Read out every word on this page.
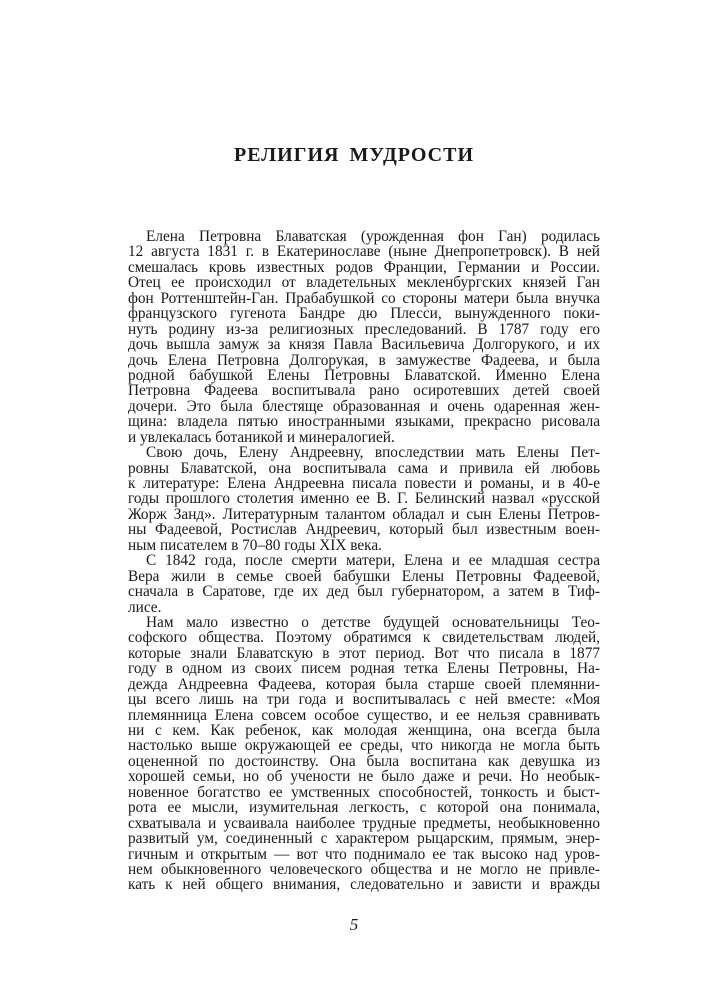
РЕЛИГИЯ МУДРОСТИ
Елена Петровна Блаватская (урожденная фон Ган) родилась
12 августа 1831 г. в Екатеринославе (ныне Днепропетровск). В ней
смешалась кровь известных родов Франции, Германии и России.
Отец ее происходил от владетельных мекленбургских князей Ган
фон Роттенштейн-Ган. Прабабушкой со стороны матери была внучка
французского гугенота Бандре дю Плесси, вынужденного поки-
нуть родину из-за религиозных преследований. В 1787 году его
дочь вышла замуж за князя Павла Васильевича Долгорукого, и их
дочь Елена Петровна Долгорукая, в замужестве Фадеева, и была
родной бабушкой Елены Петровны Блаватской. Именно Елена
Петровна Фадеева воспитывала рано осиротевших детей своей
дочери. Это была блестяще образованная и очень одаренная жен-
щина: владела пятью иностранными языками, прекрасно рисовала
и увлекалась ботаникой и минералогией.
Свою дочь, Елену Андреевну, впоследствии мать Елены Пет-
ровны Блаватской, она воспитывала сама и привила ей любовь
к литературе: Елена Андреевна писала повести и романы, и в 40-е
годы прошлого столетия именно ее В. Г. Белинский назвал «русской
Жорж Занд». Литературным талантом обладал и сын Елены Петров-
ны Фадеевой, Ростислав Андреевич, который был известным воен-
ным писателем в 70–80 годы XIX века.
С 1842 года, после смерти матери, Елена и ее младшая сестра
Вера жили в семье своей бабушки Елены Петровны Фадеевой,
сначала в Саратове, где их дед был губернатором, а затем в Тиф-
лисе.
Нам мало известно о детстве будущей основательницы Тео-
софского общества. Поэтому обратимся к свидетельствам людей,
которые знали Блаватскую в этот период. Вот что писала в 1877
году в одном из своих писем родная тетка Елены Петровны, На-
дежда Андреевна Фадеева, которая была старше своей племянни-
цы всего лишь на три года и воспитывалась с ней вместе: «Моя
племянница Елена совсем особое существо, и ее нельзя сравнивать
ни с кем. Как ребенок, как молодая женщина, она всегда была
настолько выше окружающей ее среды, что никогда не могла быть
оцененной по достоинству. Она была воспитана как девушка из
хорошей семьи, но об учености не было даже и речи. Но необык-
новенное богатство ее умственных способностей, тонкость и быст-
рота ее мысли, изумительная легкость, с которой она понимала,
схватывала и усваивала наиболее трудные предметы, необыкновенно
развитый ум, соединенный с характером рыцарским, прямым, энер-
гичным и открытым — вот что поднимало ее так высоко над уров-
нем обыкновенного человеческого общества и не могло не привле-
кать к ней общего внимания, следовательно и зависти и вражды
5
